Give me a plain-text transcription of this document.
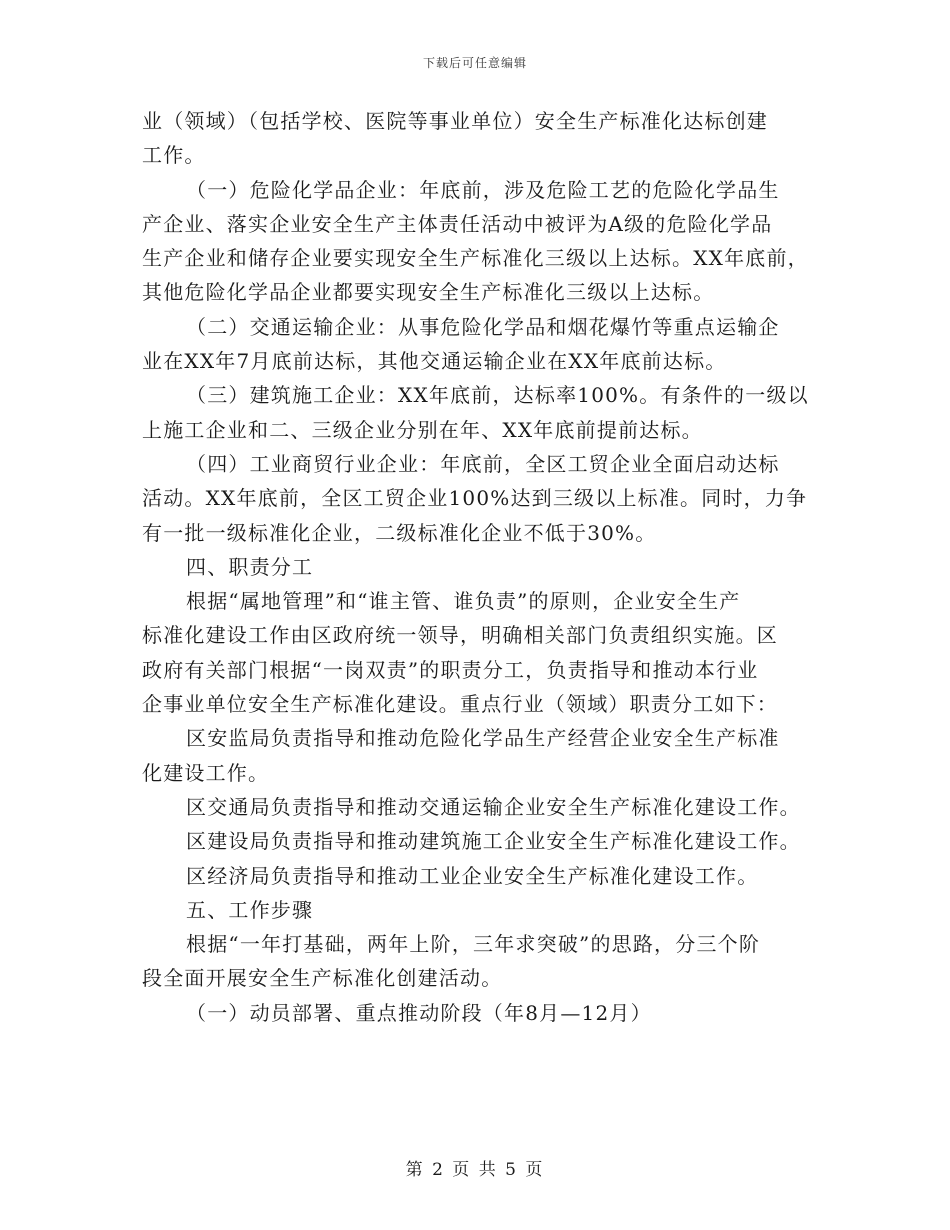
下载后可任意编辑
业（领域）（包括学校、医院等事业单位）安全生产标准化达标创建
工作。
（一）危险化学品企业：年底前，涉及危险工艺的危险化学品生
产企业、落实企业安全生产主体责任活动中被评为A级的危险化学品
生产企业和储存企业要实现安全生产标准化三级以上达标。XX年底前，
其他危险化学品企业都要实现安全生产标准化三级以上达标。
（二）交通运输企业：从事危险化学品和烟花爆竹等重点运输企
业在XX年7月底前达标，其他交通运输企业在XX年底前达标。
（三）建筑施工企业：XX年底前，达标率100%。有条件的一级以
上施工企业和二、三级企业分别在年、XX年底前提前达标。
（四）工业商贸行业企业：年底前，全区工贸企业全面启动达标
活动。XX年底前，全区工贸企业100%达到三级以上标准。同时，力争
有一批一级标准化企业，二级标准化企业不低于30%。
四、职责分工
根据“属地管理”和“谁主管、谁负责”的原则，企业安全生产
标准化建设工作由区政府统一领导，明确相关部门负责组织实施。区
政府有关部门根据“一岗双责”的职责分工，负责指导和推动本行业
企事业单位安全生产标准化建设。重点行业（领域）职责分工如下：
区安监局负责指导和推动危险化学品生产经营企业安全生产标准
化建设工作。
区交通局负责指导和推动交通运输企业安全生产标准化建设工作。
区建设局负责指导和推动建筑施工企业安全生产标准化建设工作。
区经济局负责指导和推动工业企业安全生产标准化建设工作。
五、工作步骤
根据“一年打基础，两年上阶，三年求突破”的思路，分三个阶
段全面开展安全生产标准化创建活动。
（一）动员部署、重点推动阶段（年8月—12月）
第 2 页 共 5 页
